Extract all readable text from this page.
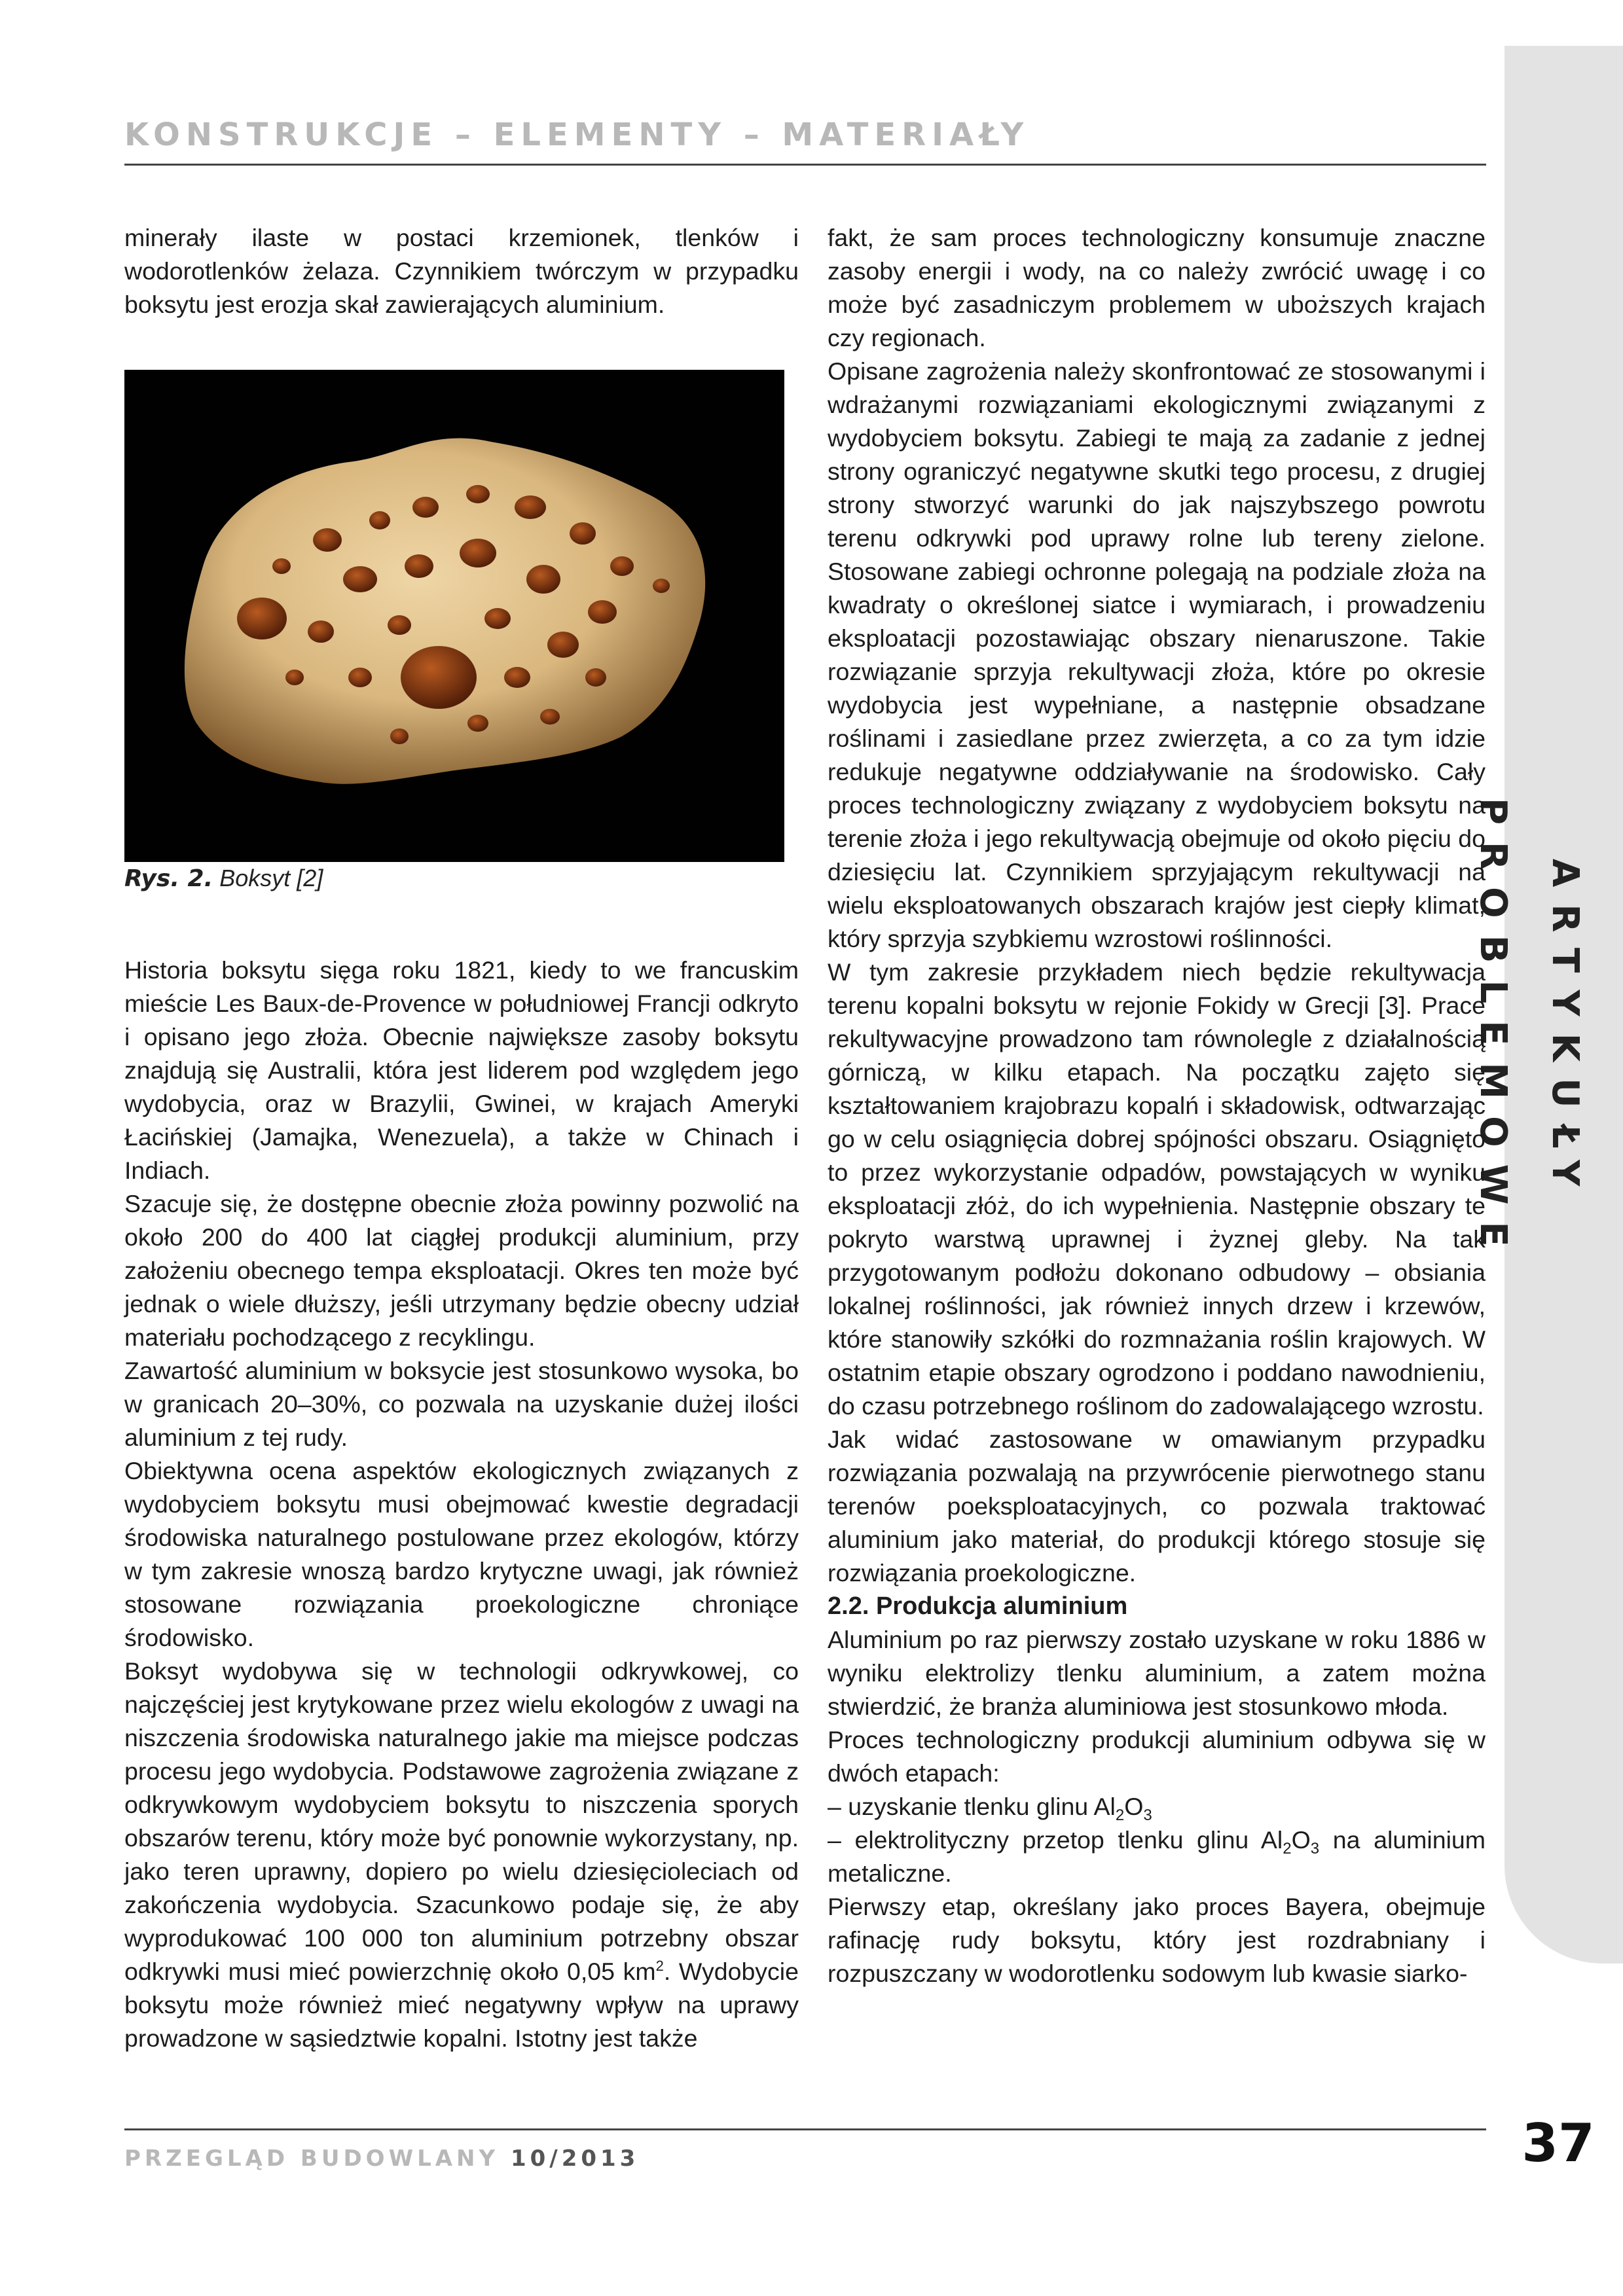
ARTYKUŁY PROBLEMOWE
KONSTRUKCJE – ELEMENTY – MATERIAŁY

minerały ilaste w postaci krzemionek, tlenków i wodorotlenków żelaza. Czynnikiem twórczym w przypadku boksytu jest erozja skał zawierających aluminium.

Rys. 2. Boksyt [2]

Historia boksytu sięga roku 1821, kiedy to we francuskim mieście Les Baux-de-Provence w południowej Francji odkryto i opisano jego złoża. Obecnie największe zasoby boksytu znajdują się Australii, która jest liderem pod względem jego wydobycia, oraz w Brazylii, Gwinei, w krajach Ameryki Łacińskiej (Jamajka, Wenezuela), a także w Chinach i Indiach.

Szacuje się, że dostępne obecnie złoża powinny pozwolić na około 200 do 400 lat ciągłej produkcji aluminium, przy założeniu obecnego tempa eksploatacji. Okres ten może być jednak o wiele dłuższy, jeśli utrzymany będzie obecny udział materiału pochodzącego z recyklingu.

Zawartość aluminium w boksycie jest stosunkowo wysoka, bo w granicach 20–30%, co pozwala na uzyskanie dużej ilości aluminium z tej rudy.

Obiektywna ocena aspektów ekologicznych związanych z wydobyciem boksytu musi obejmować kwestie degradacji środowiska naturalnego postulowane przez ekologów, którzy w tym zakresie wnoszą bardzo krytyczne uwagi, jak również stosowane rozwiązania proekologiczne chroniące środowisko.

Boksyt wydobywa się w technologii odkrywkowej, co najczęściej jest krytykowane przez wielu ekologów z uwagi na niszczenia środowiska naturalnego jakie ma miejsce podczas procesu jego wydobycia. Podstawowe zagrożenia związane z odkrywkowym wydobyciem boksytu to niszczenia sporych obszarów terenu, który może być ponownie wykorzystany, np. jako teren uprawny, dopiero po wielu dziesięcioleciach od zakończenia wydobycia. Szacunkowo podaje się, że aby wyprodukować 100 000 ton aluminium potrzebny obszar odkrywki musi mieć powierzchnię około 0,05 $km^2$. Wydobycie boksytu może również mieć negatywny wpływ na uprawy prowadzone w sąsiedztwie kopalni. Istotny jest także

fakt, że sam proces technologiczny konsumuje znaczne zasoby energii i wody, na co należy zwrócić uwagę i co może być zasadniczym problemem w uboższych krajach czy regionach.

Opisane zagrożenia należy skonfrontować ze stosowanymi i wdrażanymi rozwiązaniami ekologicznymi związanymi z wydobyciem boksytu. Zabiegi te mają za zadanie z jednej strony ograniczyć negatywne skutki tego procesu, z drugiej strony stworzyć warunki do jak najszybszego powrotu terenu odkrywki pod uprawy rolne lub tereny zielone. Stosowane zabiegi ochronne polegają na podziale złoża na kwadraty o określonej siatce i wymiarach, i prowadzeniu eksploatacji pozostawiając obszary nienaruszone. Takie rozwiązanie sprzyja rekultywacji złoża, które po okresie wydobycia jest wypełniane, a następnie obsadzane roślinami i zasiedlane przez zwierzęta, a co za tym idzie redukuje negatywne oddziaływanie na środowisko. Cały proces technologiczny związany z wydobyciem boksytu na terenie złoża i jego rekultywacją obejmuje od około pięciu do dziesięciu lat. Czynnikiem sprzyjającym rekultywacji na wielu eksploatowanych obszarach krajów jest ciepły klimat, który sprzyja szybkiemu wzrostowi roślinności.

W tym zakresie przykładem niech będzie rekultywacja terenu kopalni boksytu w rejonie Fokidy w Grecji [3]. Prace rekultywacyjne prowadzono tam równolegle z działalnością górniczą, w kilku etapach. Na początku zajęto się kształtowaniem krajobrazu kopalń i składowisk, odtwarzając go w celu osiągnięcia dobrej spójności obszaru. Osiągnięto to przez wykorzystanie odpadów, powstających w wyniku eksploatacji złóż, do ich wypełnienia. Następnie obszary te pokryto warstwą uprawnej i żyznej gleby. Na tak przygotowanym podłożu dokonano odbudowy – obsiania lokalnej roślinności, jak również innych drzew i krzewów, które stanowiły szkółki do rozmnażania roślin krajowych. W ostatnim etapie obszary ogrodzono i poddano nawodnieniu, do czasu potrzebnego roślinom do zadowalającego wzrostu.

Jak widać zastosowane w omawianym przypadku rozwiązania pozwalają na przywrócenie pierwotnego stanu terenów poeksploatacyjnych, co pozwala traktować aluminium jako materiał, do produkcji którego stosuje się rozwiązania proekologiczne.

2.2. Produkcja aluminium

Aluminium po raz pierwszy zostało uzyskane w roku 1886 w wyniku elektrolizy tlenku aluminium, a zatem można stwierdzić, że branża aluminiowa jest stosunkowo młoda.

Proces technologiczny produkcji aluminium odbywa się w dwóch etapach:

– uzyskanie tlenku glinu $Al_2O_3$

– elektrolityczny przetop tlenku glinu $Al_2O_3$ na aluminium metaliczne.

Pierwszy etap, określany jako proces Bayera, obejmuje rafinację rudy boksytu, który jest rozdrabniany i rozpuszczany w wodorotlenku sodowym lub kwasie siarko-

PRZEGLĄD BUDOWLANY 10/2013	37
